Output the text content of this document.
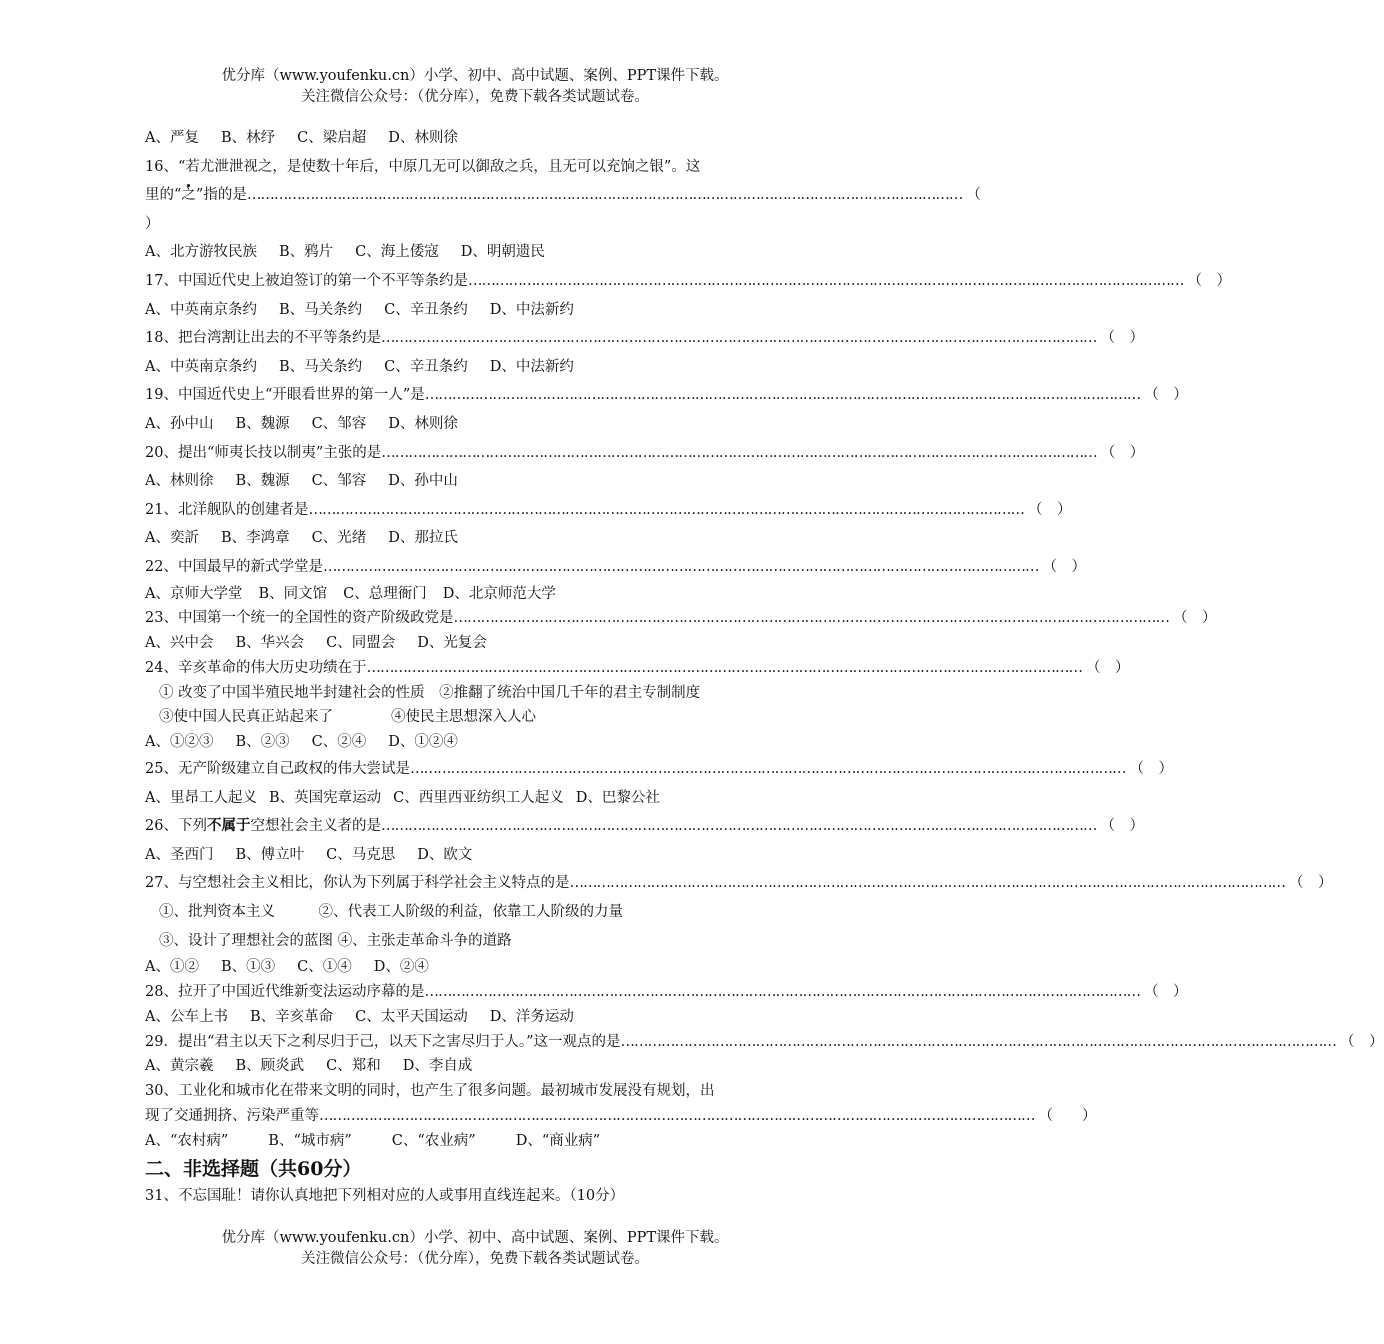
优分库（www.youfenku.cn）小学、初中、高中试题、案例、PPT课件下载。
关注微信公众号：（优分库），免费下载各类试题试卷。
A、严复 B、林纾 C、梁启超 D、林则徐
16、“若尤泄泄视之，是使数十年后，中原几无可以御敌之兵，且无可以充饷之银”。这
里的“之”指的是 …………………………………………………………………………………………………………………………………………… （
）
A、北方游牧民族 B、鸦片 C、海上倭寇 D、明朝遗民
17、中国近代史上被迫签订的第一个不平等条约是 …………………………………………………………………………………………………………………………………………… （　）
A、中英南京条约 B、马关条约 C、辛丑条约 D、中法新约
18、把台湾割让出去的不平等条约是 …………………………………………………………………………………………………………………………………………… （　）
A、中英南京条约 B、马关条约 C、辛丑条约 D、中法新约
19、中国近代史上“开眼看世界的第一人”是 …………………………………………………………………………………………………………………………………………… （　）
A、孙中山 B、魏源 C、邹容 D、林则徐
20、提出“师夷长技以制夷”主张的是 …………………………………………………………………………………………………………………………………………… （　）
A、林则徐 B、魏源 C、邹容 D、孙中山
21、北洋舰队的创建者是 …………………………………………………………………………………………………………………………………………… （　）
A、奕訢 B、李鸿章 C、光绪 D、那拉氏
22、中国最早的新式学堂是 …………………………………………………………………………………………………………………………………………… （　）
A、京师大学堂 B、同文馆 C、总理衙门 D、北京师范大学
23、中国第一个统一的全国性的资产阶级政党是 …………………………………………………………………………………………………………………………………………… （　）
A、兴中会 B、华兴会 C、同盟会 D、光复会
24、辛亥革命的伟大历史功绩在于 …………………………………………………………………………………………………………………………………………… （　）
① 改变了中国半殖民地半封建社会的性质　②推翻了统治中国几千年的君主专制制度
③使中国人民真正站起来了　　　　④使民主思想深入人心
A、①②③ B、②③ C、②④ D、①②④
25、无产阶级建立自己政权的伟大尝试是 …………………………………………………………………………………………………………………………………………… （　）
A、里昂工人起义 B、英国宪章运动 C、西里西亚纺织工人起义 D、巴黎公社
26、下列不属于空想社会主义者的是 …………………………………………………………………………………………………………………………………………… （　）
A、圣西门 B、傅立叶 C、马克思 D、欧文
27、与空想社会主义相比，你认为下列属于科学社会主义特点的是 …………………………………………………………………………………………………………………………………………… （　）
①、批判资本主义　　　②、代表工人阶级的利益，依靠工人阶级的力量
③、设计了理想社会的蓝图 ④、主张走革命斗争的道路
A、①② B、①③ C、①④ D、②④
28、拉开了中国近代维新变法运动序幕的是 …………………………………………………………………………………………………………………………………………… （　）
A、公车上书 B、辛亥革命 C、太平天国运动 D、洋务运动
29．提出“君主以天下之利尽归于己，以天下之害尽归于人。”这一观点的是 …………………………………………………………………………………………………………………………………………… （　）
A、黄宗羲 B、顾炎武 C、郑和 D、李自成
30、工业化和城市化在带来文明的同时，也产生了很多问题。最初城市发展没有规划，出
现了交通拥挤、污染严重等 …………………………………………………………………………………………………………………………………………… （　　）
A、“农村病”	B、“城市病”	C、“农业病”	D、“商业病”
二、非选择题（共60分）
31、不忘国耻！请你认真地把下列相对应的人或事用直线连起来。（10分）
优分库（www.youfenku.cn）小学、初中、高中试题、案例、PPT课件下载。
关注微信公众号：（优分库），免费下载各类试题试卷。
